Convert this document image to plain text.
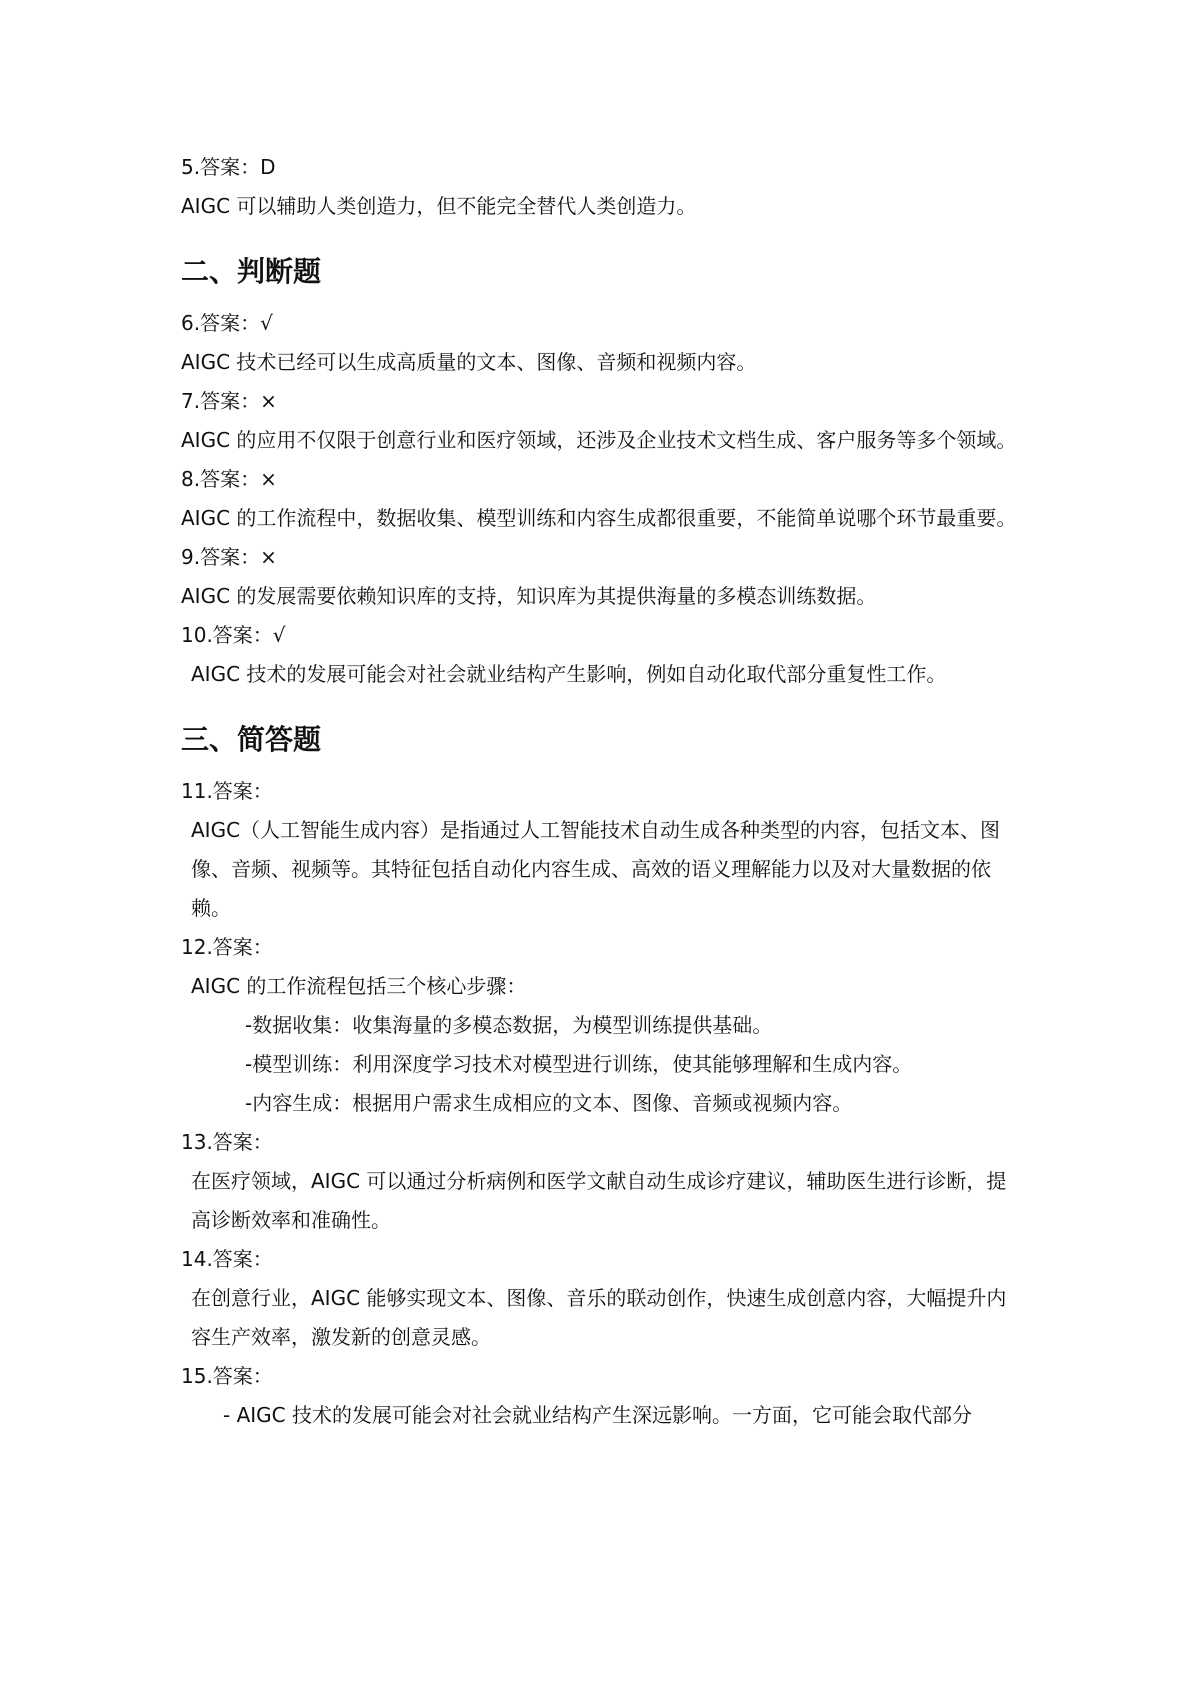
5.答案：D
AIGC 可以辅助人类创造力，但不能完全替代人类创造力。
二、判断题
6.答案：√
AIGC 技术已经可以生成高质量的文本、图像、音频和视频内容。
7.答案：×
AIGC 的应用不仅限于创意行业和医疗领域，还涉及企业技术文档生成、客户服务等多个领域。
8.答案：×
AIGC 的工作流程中，数据收集、模型训练和内容生成都很重要，不能简单说哪个环节最重要。
9.答案：×
AIGC 的发展需要依赖知识库的支持，知识库为其提供海量的多模态训练数据。
10.答案：√
AIGC 技术的发展可能会对社会就业结构产生影响，例如自动化取代部分重复性工作。
三、简答题
11.答案：
AIGC（人工智能生成内容）是指通过人工智能技术自动生成各种类型的内容，包括文本、图像、音频、视频等。其特征包括自动化内容生成、高效的语义理解能力以及对大量数据的依赖。
12.答案：
AIGC 的工作流程包括三个核心步骤：
-数据收集：收集海量的多模态数据，为模型训练提供基础。
-模型训练：利用深度学习技术对模型进行训练，使其能够理解和生成内容。
-内容生成：根据用户需求生成相应的文本、图像、音频或视频内容。
13.答案：
在医疗领域，AIGC 可以通过分析病例和医学文献自动生成诊疗建议，辅助医生进行诊断，提高诊断效率和准确性。
14.答案：
在创意行业，AIGC 能够实现文本、图像、音乐的联动创作，快速生成创意内容，大幅提升内容生产效率，激发新的创意灵感。
15.答案：
- AIGC 技术的发展可能会对社会就业结构产生深远影响。一方面，它可能会取代部分
